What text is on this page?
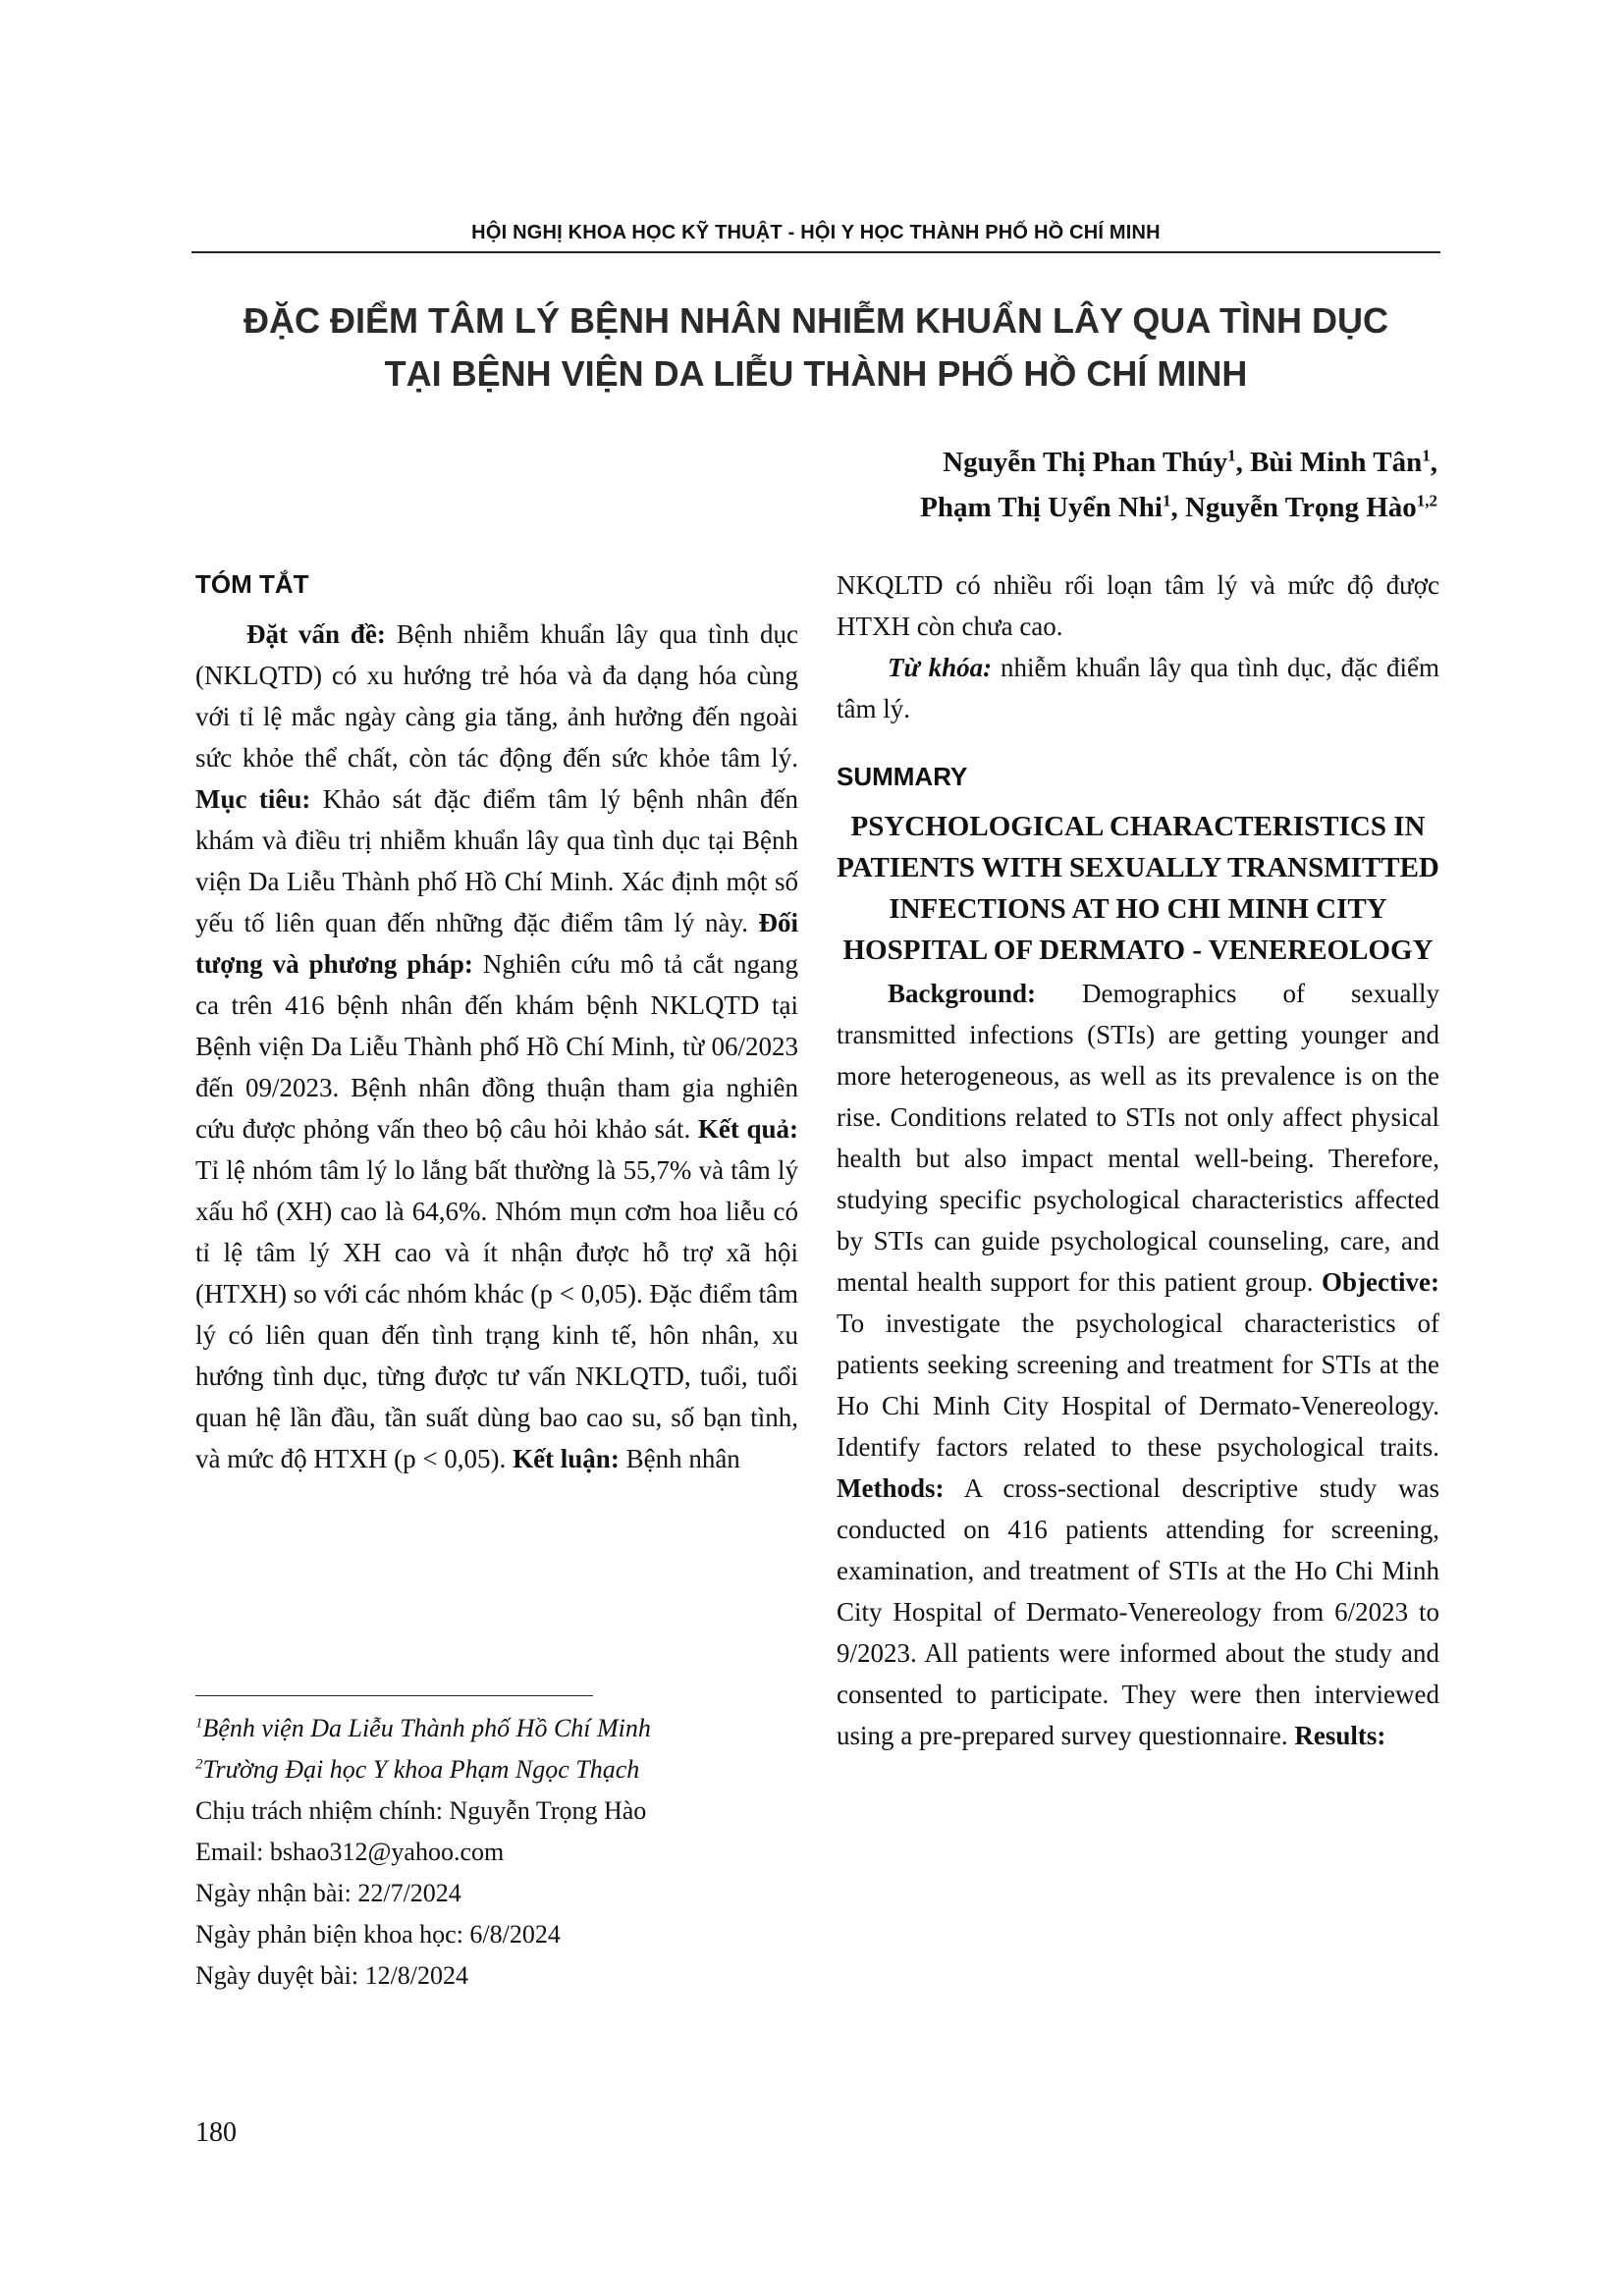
HỘI NGHỊ KHOA HỌC KỸ THUẬT - HỘI Y HỌC THÀNH PHỐ HỒ CHÍ MINH
ĐẶC ĐIỂM TÂM LÝ BỆNH NHÂN NHIỄM KHUẨN LÂY QUA TÌNH DỤC
TẠI BỆNH VIỆN DA LIỄU THÀNH PHỐ HỒ CHÍ MINH
Nguyễn Thị Phan Thúy$^1$, Bùi Minh Tân$^1$,
Phạm Thị Uyển Nhi$^1$, Nguyễn Trọng Hào$^{1,2}$
TÓM TẮT

Đặt vấn đề: Bệnh nhiễm khuẩn lây qua tình dục (NKLQTD) có xu hướng trẻ hóa và đa dạng hóa cùng với tỉ lệ mắc ngày càng gia tăng, ảnh hưởng đến ngoài sức khỏe thể chất, còn tác động đến sức khỏe tâm lý. Mục tiêu: Khảo sát đặc điểm tâm lý bệnh nhân đến khám và điều trị nhiễm khuẩn lây qua tình dục tại Bệnh viện Da Liễu Thành phố Hồ Chí Minh. Xác định một số yếu tố liên quan đến những đặc điểm tâm lý này. Đối tượng và phương pháp: Nghiên cứu mô tả cắt ngang ca trên 416 bệnh nhân đến khám bệnh NKLQTD tại Bệnh viện Da Liễu Thành phố Hồ Chí Minh, từ 06/2023 đến 09/2023. Bệnh nhân đồng thuận tham gia nghiên cứu được phỏng vấn theo bộ câu hỏi khảo sát. Kết quả: Tỉ lệ nhóm tâm lý lo lắng bất thường là 55,7% và tâm lý xấu hổ (XH) cao là 64,6%. Nhóm mụn cơm hoa liễu có tỉ lệ tâm lý XH cao và ít nhận được hỗ trợ xã hội (HTXH) so với các nhóm khác (p < 0,05). Đặc điểm tâm lý có liên quan đến tình trạng kinh tế, hôn nhân, xu hướng tình dục, từng được tư vấn NKLQTD, tuổi, tuổi quan hệ lần đầu, tần suất dùng bao cao su, số bạn tình, và mức độ HTXH (p < 0,05). Kết luận: Bệnh nhân

NKQLTD có nhiều rối loạn tâm lý và mức độ được HTXH còn chưa cao.

Từ khóa: nhiễm khuẩn lây qua tình dục, đặc điểm tâm lý.

SUMMARY
PSYCHOLOGICAL CHARACTERISTICS IN PATIENTS WITH SEXUALLY TRANSMITTED INFECTIONS AT HO CHI MINH CITY HOSPITAL OF DERMATO - VENEREOLOGY

Background: Demographics of sexually transmitted infections (STIs) are getting younger and more heterogeneous, as well as its prevalence is on the rise. Conditions related to STIs not only affect physical health but also impact mental well-being. Therefore, studying specific psychological characteristics affected by STIs can guide psychological counseling, care, and mental health support for this patient group. Objective: To investigate the psychological characteristics of patients seeking screening and treatment for STIs at the Ho Chi Minh City Hospital of Dermato-Venereology. Identify factors related to these psychological traits. Methods: A cross-sectional descriptive study was conducted on 416 patients attending for screening, examination, and treatment of STIs at the Ho Chi Minh City Hospital of Dermato-Venereology from 6/2023 to 9/2023. All patients were informed about the study and consented to participate. They were then interviewed using a pre-prepared survey questionnaire. Results:

$^1$Bệnh viện Da Liễu Thành phố Hồ Chí Minh
$^2$Trường Đại học Y khoa Phạm Ngọc Thạch
Chịu trách nhiệm chính: Nguyễn Trọng Hào
Email: bshao312@yahoo.com
Ngày nhận bài: 22/7/2024
Ngày phản biện khoa học: 6/8/2024
Ngày duyệt bài: 12/8/2024
180
